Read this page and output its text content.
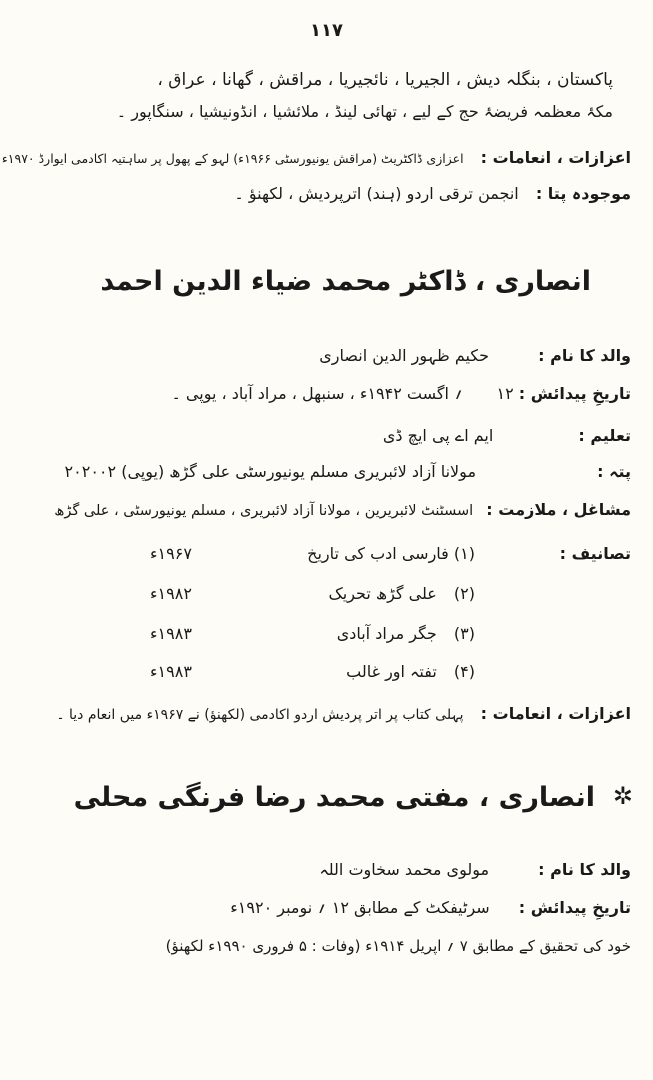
۱۱۷
پاکستان ، بنگلہ دیش ، الجیریا ، نائجیریا ، مراقش ، گھانا ، عراق ،
مکۂ معظمہ فریضۂ حج کے لیے ، تھائی لینڈ ، ملائشیا ، انڈونیشیا ، سنگاپور ۔
اعزازات ، انعامات : اعزازی ڈاکٹریٹ (مراقش یونیورسٹی ۱۹۶۶ء) لہو کے پھول پر ساہتیہ اکادمی ایوارڈ ۱۹۷۰ء
موجودہ پتا : انجمن ترقی اردو (ہند) اترپردیش ، لکھنؤ ۔
انصاری ، ڈاکٹر محمد ضیاء الدین احمد
والد کا نام : حکیم ظہور الدین انصاری
تاریخِ پیدائش : ۱۲ ؍ اگست ۱۹۴۲ء ، سنبھل ، مراد آباد ، یوپی ۔
تعلیم : ایم اے پی ایچ ڈی
پتہ : مولانا آزاد لائبریری مسلم یونیورسٹی علی گڑھ (یوپی) ۲۰۲۰۰۲
مشاغل ، ملازمت : اسسٹنٹ لائبریرین ، مولانا آزاد لائبریری ، مسلم یونیورسٹی ، علی گڑھ
تصانیف :
(۱) فارسی ادب کی تاریخ
۱۹۶۷ء
(۲) علی گڑھ تحریک
۱۹۸۲ء
(۳) جگر مراد آبادی
۱۹۸۳ء
(۴) تفتہ اور غالب
۱۹۸۳ء
اعزازات ، انعامات : پہلی کتاب پر اتر پردیش اردو اکادمی (لکھنؤ) نے ۱۹۶۷ء میں انعام دیا ۔
✲
انصاری ، مفتی محمد رضا فرنگی محلی
والد کا نام : مولوی محمد سخاوت اللہ
تاریخِ پیدائش : سرٹیفکٹ کے مطابق ۱۲ ؍ نومبر ۱۹۲۰ء
خود کی تحقیق کے مطابق ۷ ؍ اپریل ۱۹۱۴ء (وفات : ۵ فروری ۱۹۹۰ء لکھنؤ)
